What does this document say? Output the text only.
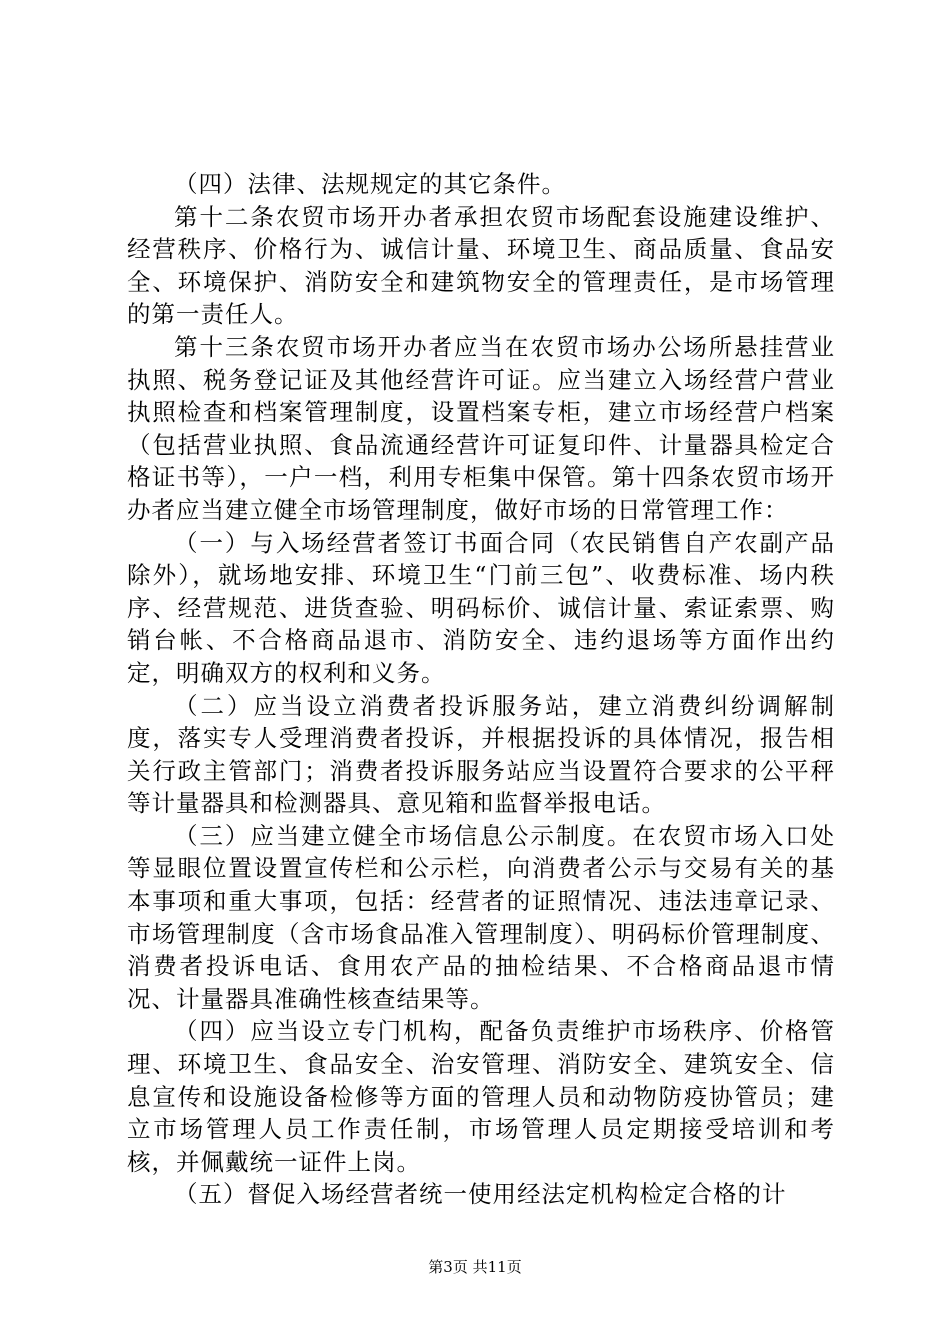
（四）法律、法规规定的其它条件。

第十二条农贸市场开办者承担农贸市场配套设施建设维护、经营秩序、价格行为、诚信计量、环境卫生、商品质量、食品安全、环境保护、消防安全和建筑物安全的管理责任，是市场管理的第一责任人。

第十三条农贸市场开办者应当在农贸市场办公场所悬挂营业执照、税务登记证及其他经营许可证。应当建立入场经营户营业执照检查和档案管理制度，设置档案专柜，建立市场经营户档案（包括营业执照、食品流通经营许可证复印件、计量器具检定合格证书等），一户一档，利用专柜集中保管。第十四条农贸市场开办者应当建立健全市场管理制度，做好市场的日常管理工作：

（一）与入场经营者签订书面合同（农民销售自产农副产品除外），就场地安排、环境卫生“门前三包”、收费标准、场内秩序、经营规范、进货查验、明码标价、诚信计量、索证索票、购销台帐、不合格商品退市、消防安全、违约退场等方面作出约定，明确双方的权利和义务。

（二）应当设立消费者投诉服务站，建立消费纠纷调解制度，落实专人受理消费者投诉，并根据投诉的具体情况，报告相关行政主管部门；消费者投诉服务站应当设置符合要求的公平秤等计量器具和检测器具、意见箱和监督举报电话。

（三）应当建立健全市场信息公示制度。在农贸市场入口处等显眼位置设置宣传栏和公示栏，向消费者公示与交易有关的基本事项和重大事项，包括：经营者的证照情况、违法违章记录、市场管理制度（含市场食品准入管理制度）、明码标价管理制度、消费者投诉电话、食用农产品的抽检结果、不合格商品退市情况、计量器具准确性核查结果等。

（四）应当设立专门机构，配备负责维护市场秩序、价格管理、环境卫生、食品安全、治安管理、消防安全、建筑安全、信息宣传和设施设备检修等方面的管理人员和动物防疫协管员；建立市场管理人员工作责任制，市场管理人员定期接受培训和考核，并佩戴统一证件上岗。

（五）督促入场经营者统一使用经法定机构检定合格的计

第3页 共11页
